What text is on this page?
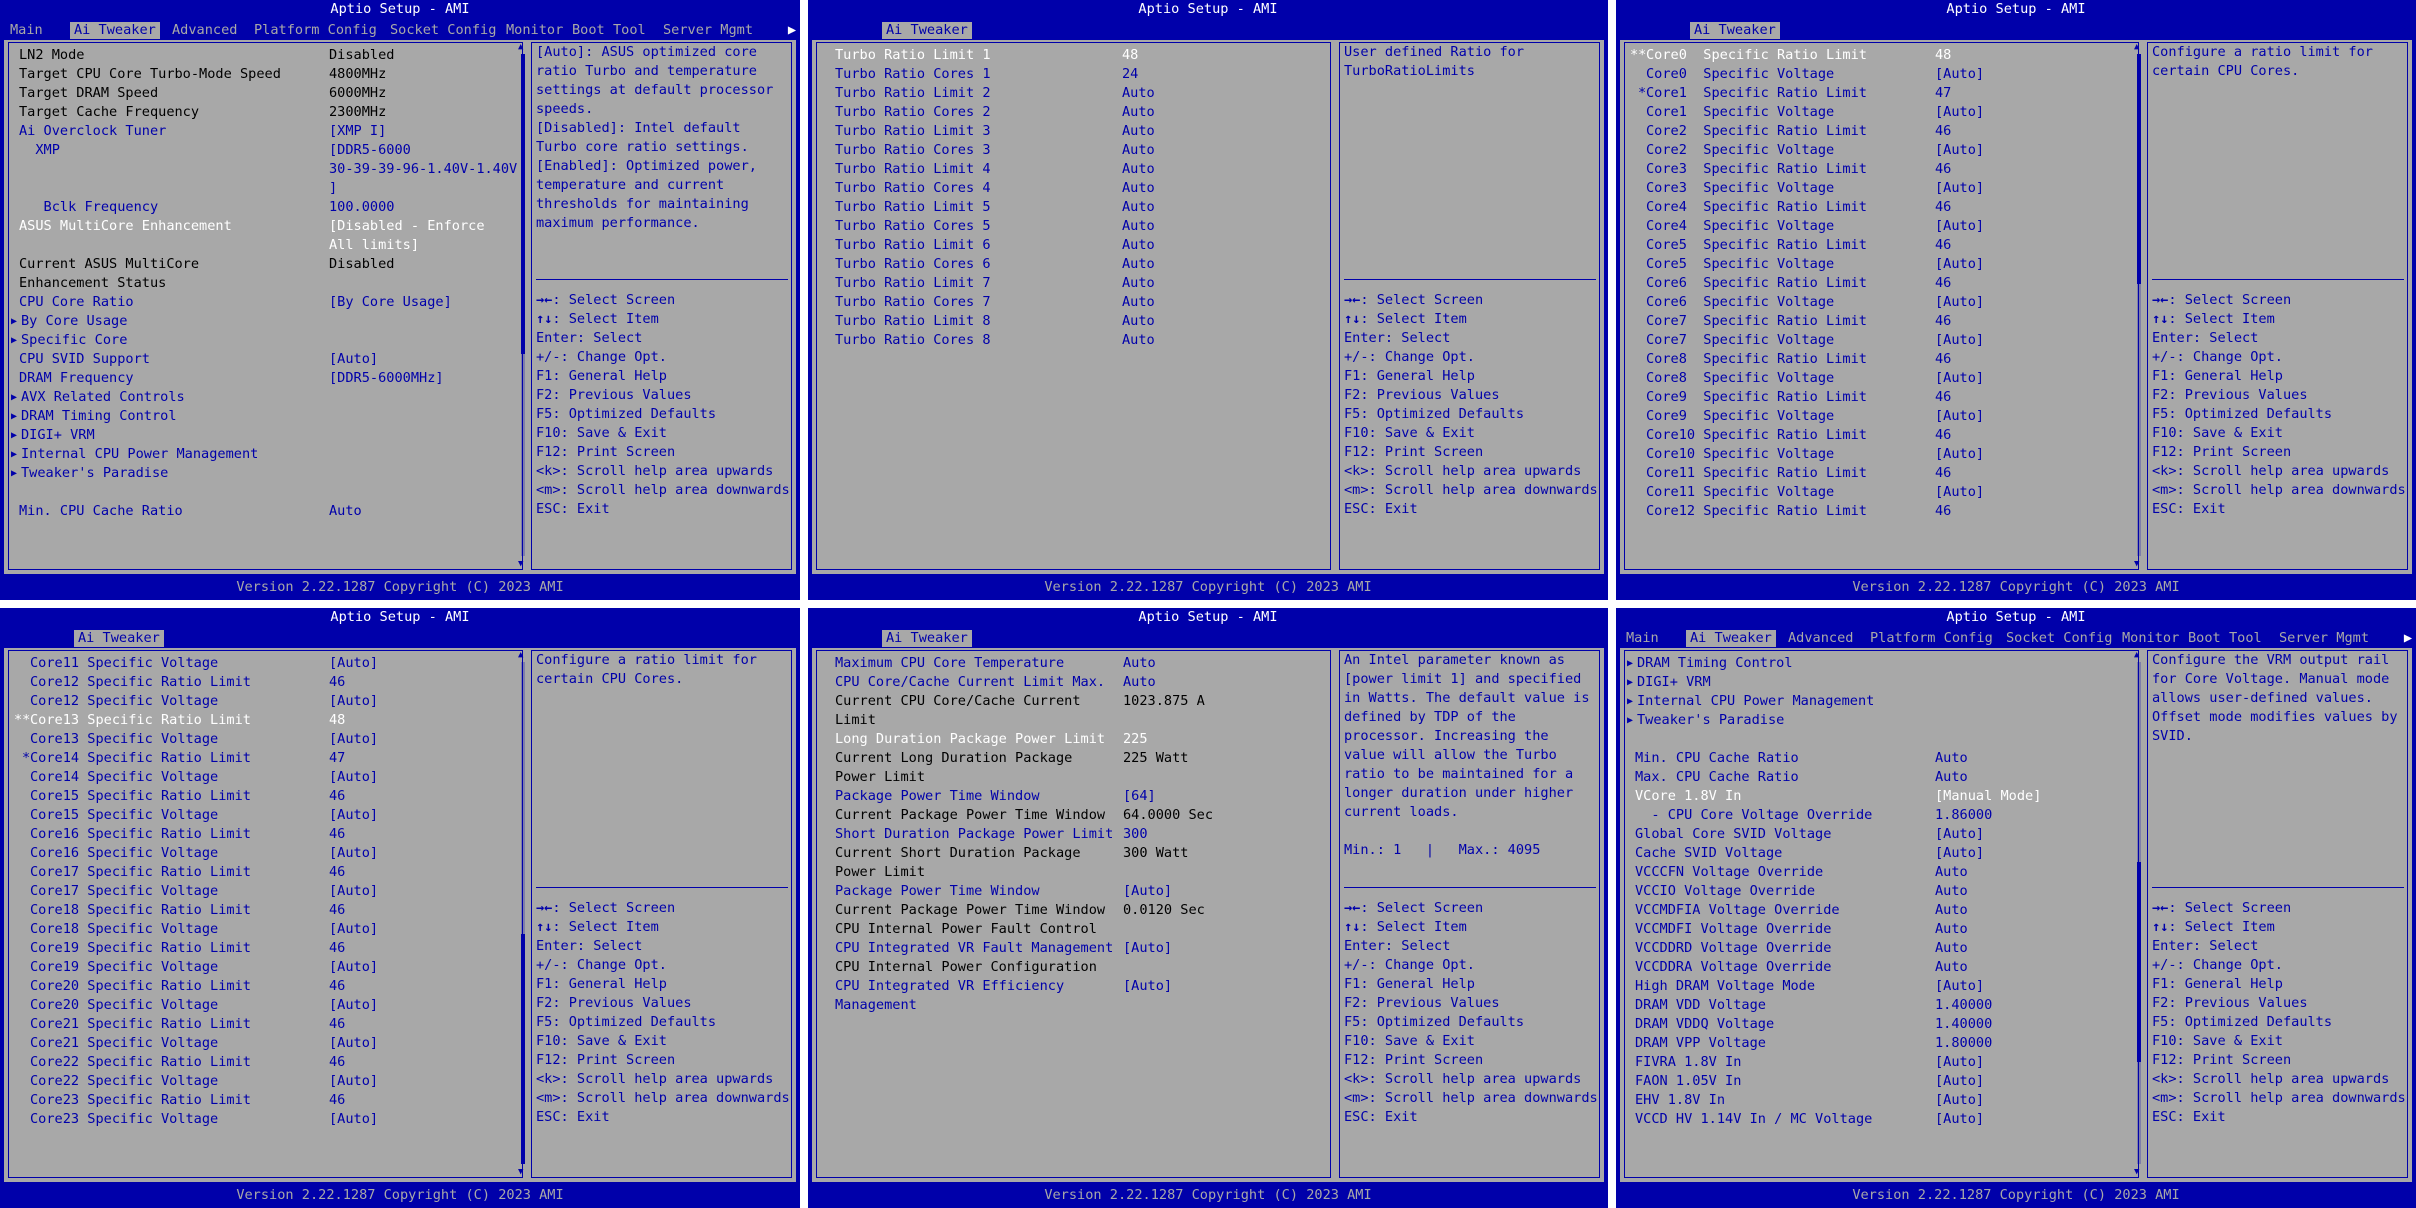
Aptio Setup - AMI
Main Ai Tweaker Advanced Platform Config Socket Config Monitor Boot Tool Server Mgmt	▶
LN2 Mode	Disabled
Target CPU Core Turbo-Mode Speed	4800MHz
Target DRAM Speed	6000MHz
Target Cache Frequency	2300MHz
Ai Overclock Tuner	[XMP I]
XMP	[DDR5-6000
30-39-39-96-1.40V-1.40V
]
Bclk Frequency	100.0000
ASUS MultiCore Enhancement	[Disabled - Enforce
All limits]
Current ASUS MultiCore	Disabled
Enhancement Status
CPU Core Ratio	[By Core Usage]
▶ By Core Usage
▶ Specific Core
CPU SVID Support	[Auto]
DRAM Frequency	[DDR5-6000MHz]
▶ AVX Related Controls
▶ DRAM Timing Control
▶ DIGI+ VRM
▶ Internal CPU Power Management
▶ Tweaker's Paradise
Min. CPU Cache Ratio	Auto
▲
▼
[Auto]: ASUS optimized core ratio Turbo and temperature settings at default processor speeds.
[Disabled]: Intel default Turbo core ratio settings.
[Enabled]: Optimized power, temperature and current thresholds for maintaining maximum performance.
→←: Select Screen
↑↓: Select Item
Enter: Select
+/-: Change Opt.
F1: General Help
F2: Previous Values
F5: Optimized Defaults
F10: Save & Exit
F12: Print Screen
<k>: Scroll help area upwards
<m>: Scroll help area downwards
ESC: Exit
Version 2.22.1287 Copyright (C) 2023 AMI
Aptio Setup - AMI
Ai Tweaker
Turbo Ratio Limit 1	48
Turbo Ratio Cores 1	24
Turbo Ratio Limit 2	Auto
Turbo Ratio Cores 2	Auto
Turbo Ratio Limit 3	Auto
Turbo Ratio Cores 3	Auto
Turbo Ratio Limit 4	Auto
Turbo Ratio Cores 4	Auto
Turbo Ratio Limit 5	Auto
Turbo Ratio Cores 5	Auto
Turbo Ratio Limit 6	Auto
Turbo Ratio Cores 6	Auto
Turbo Ratio Limit 7	Auto
Turbo Ratio Cores 7	Auto
Turbo Ratio Limit 8	Auto
Turbo Ratio Cores 8	Auto
User defined Ratio for TurboRatioLimits
→←: Select Screen
↑↓: Select Item
Enter: Select
+/-: Change Opt.
F1: General Help
F2: Previous Values
F5: Optimized Defaults
F10: Save & Exit
F12: Print Screen
<k>: Scroll help area upwards
<m>: Scroll help area downwards
ESC: Exit
Version 2.22.1287 Copyright (C) 2023 AMI
Aptio Setup - AMI
Ai Tweaker
** Core0  Specific Ratio Limit	48
Core0  Specific Voltage	[Auto]
* Core1  Specific Ratio Limit	47
Core1  Specific Voltage	[Auto]
Core2  Specific Ratio Limit	46
Core2  Specific Voltage	[Auto]
Core3  Specific Ratio Limit	46
Core3  Specific Voltage	[Auto]
Core4  Specific Ratio Limit	46
Core4  Specific Voltage	[Auto]
Core5  Specific Ratio Limit	46
Core5  Specific Voltage	[Auto]
Core6  Specific Ratio Limit	46
Core6  Specific Voltage	[Auto]
Core7  Specific Ratio Limit	46
Core7  Specific Voltage	[Auto]
Core8  Specific Ratio Limit	46
Core8  Specific Voltage	[Auto]
Core9  Specific Ratio Limit	46
Core9  Specific Voltage	[Auto]
Core10 Specific Ratio Limit	46
Core10 Specific Voltage	[Auto]
Core11 Specific Ratio Limit	46
Core11 Specific Voltage	[Auto]
Core12 Specific Ratio Limit	46
▲
▼
Configure a ratio limit for certain CPU Cores.
→←: Select Screen
↑↓: Select Item
Enter: Select
+/-: Change Opt.
F1: General Help
F2: Previous Values
F5: Optimized Defaults
F10: Save & Exit
F12: Print Screen
<k>: Scroll help area upwards
<m>: Scroll help area downwards
ESC: Exit
Version 2.22.1287 Copyright (C) 2023 AMI
Aptio Setup - AMI
Ai Tweaker
Core11 Specific Voltage	[Auto]
Core12 Specific Ratio Limit	46
Core12 Specific Voltage	[Auto]
** Core13 Specific Ratio Limit	48
Core13 Specific Voltage	[Auto]
* Core14 Specific Ratio Limit	47
Core14 Specific Voltage	[Auto]
Core15 Specific Ratio Limit	46
Core15 Specific Voltage	[Auto]
Core16 Specific Ratio Limit	46
Core16 Specific Voltage	[Auto]
Core17 Specific Ratio Limit	46
Core17 Specific Voltage	[Auto]
Core18 Specific Ratio Limit	46
Core18 Specific Voltage	[Auto]
Core19 Specific Ratio Limit	46
Core19 Specific Voltage	[Auto]
Core20 Specific Ratio Limit	46
Core20 Specific Voltage	[Auto]
Core21 Specific Ratio Limit	46
Core21 Specific Voltage	[Auto]
Core22 Specific Ratio Limit	46
Core22 Specific Voltage	[Auto]
Core23 Specific Ratio Limit	46
Core23 Specific Voltage	[Auto]
▲
▼
Configure a ratio limit for certain CPU Cores.
→←: Select Screen
↑↓: Select Item
Enter: Select
+/-: Change Opt.
F1: General Help
F2: Previous Values
F5: Optimized Defaults
F10: Save & Exit
F12: Print Screen
<k>: Scroll help area upwards
<m>: Scroll help area downwards
ESC: Exit
Version 2.22.1287 Copyright (C) 2023 AMI
Aptio Setup - AMI
Ai Tweaker
Maximum CPU Core Temperature	Auto
CPU Core/Cache Current Limit Max. Auto
Current CPU Core/Cache Current	1023.875 A
Limit
Long Duration Package Power Limit 225
Current Long Duration Package	225 Watt
Power Limit
Package Power Time Window	[64]
Current Package Power Time Window 64.0000 Sec
Short Duration Package Power Limit 300
Current Short Duration Package	300 Watt
Power Limit
Package Power Time Window	[Auto]
Current Package Power Time Window 0.0120 Sec
CPU Internal Power Fault Control
CPU Integrated VR Fault Management [Auto]
CPU Internal Power Configuration
CPU Integrated VR Efficiency	[Auto]
Management
An Intel parameter known as [power limit 1] and specified in Watts. The default value is defined by TDP of the processor. Increasing the value will allow the Turbo ratio to be maintained for a longer duration under higher current loads.

Min.: 1   |   Max.: 4095
→←: Select Screen
↑↓: Select Item
Enter: Select
+/-: Change Opt.
F1: General Help
F2: Previous Values
F5: Optimized Defaults
F10: Save & Exit
F12: Print Screen
<k>: Scroll help area upwards
<m>: Scroll help area downwards
ESC: Exit
Version 2.22.1287 Copyright (C) 2023 AMI
Aptio Setup - AMI
Main Ai Tweaker Advanced Platform Config Socket Config Monitor Boot Tool Server Mgmt	▶
▶ DRAM Timing Control
▶ DIGI+ VRM
▶ Internal CPU Power Management
▶ Tweaker's Paradise
Min. CPU Cache Ratio	Auto
Max. CPU Cache Ratio	Auto
VCore 1.8V In	[Manual Mode]
- CPU Core Voltage Override	1.86000
Global Core SVID Voltage	[Auto]
Cache SVID Voltage	[Auto]
VCCCFN Voltage Override	Auto
VCCIO Voltage Override	Auto
VCCMDFIA Voltage Override	Auto
VCCMDFI Voltage Override	Auto
VCCDDRD Voltage Override	Auto
VCCDDRA Voltage Override	Auto
High DRAM Voltage Mode	[Auto]
DRAM VDD Voltage	1.40000
DRAM VDDQ Voltage	1.40000
DRAM VPP Voltage	1.80000
FIVRA 1.8V In	[Auto]
FAON 1.05V In	[Auto]
EHV 1.8V In	[Auto]
VCCD HV 1.14V In / MC Voltage	[Auto]
▲
▼
Configure the VRM output rail for Core Voltage. Manual mode allows user-defined values. Offset mode modifies values by SVID.
→←: Select Screen
↑↓: Select Item
Enter: Select
+/-: Change Opt.
F1: General Help
F2: Previous Values
F5: Optimized Defaults
F10: Save & Exit
F12: Print Screen
<k>: Scroll help area upwards
<m>: Scroll help area downwards
ESC: Exit
Version 2.22.1287 Copyright (C) 2023 AMI
